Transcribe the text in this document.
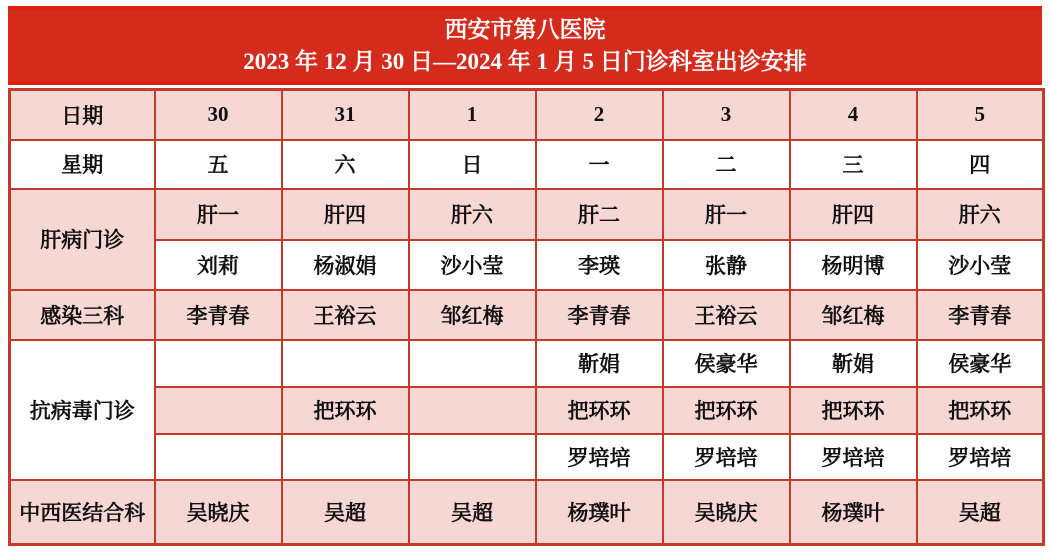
西安市第八医院
2023 年 12 月 30 日—2024 年 1 月 5 日门诊科室出诊安排
日期	30	31	1	2	3	4	5
星期	五	六	日	一	二	三	四
肝病门诊	肝一	肝四	肝六	肝二	肝一	肝四	肝六
	刘莉	杨淑娟	沙小莹	李瑛	张静	杨明博	沙小莹
感染三科	李青春	王裕云	邹红梅	李青春	王裕云	邹红梅	李青春
抗病毒门诊				靳娟	侯豪华	靳娟	侯豪华
		把环环		把环环	把环环	把环环	把环环
				罗培培	罗培培	罗培培	罗培培
中西医结合科	吴晓庆	吴超	吴超	杨璞叶	吴晓庆	杨璞叶	吴超
